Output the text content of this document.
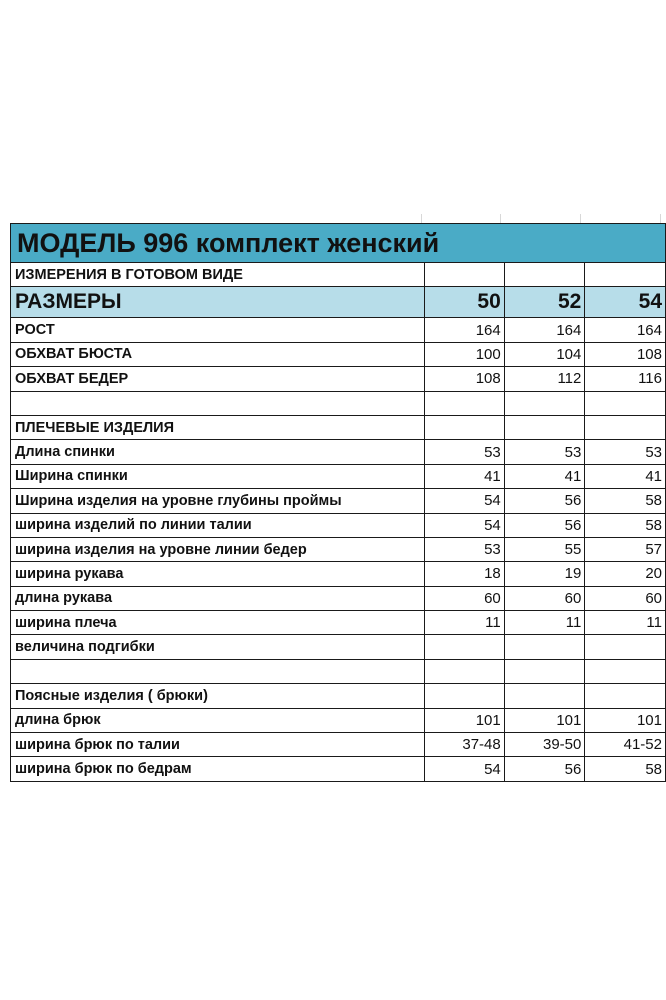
МОДЕЛЬ 996 комплект женский			
ИЗМЕРЕНИЯ В ГОТОВОМ ВИДЕ			
РАЗМЕРЫ	50	52	54
РОСТ	164	164	164
ОБХВАТ БЮСТА	100	104	108
ОБХВАТ БЕДЕР	108	112	116

ПЛЕЧЕВЫЕ ИЗДЕЛИЯ			
Длина спинки	53	53	53
Ширина спинки	41	41	41
Ширина изделия на уровне глубины проймы	54	56	58
ширина изделий по линии талии	54	56	58
ширина изделия на уровне линии бедер	53	55	57
ширина рукава	18	19	20
длина рукава	60	60	60
ширина плеча	11	11	11
величина подгибки			

Поясные изделия ( брюки)			
длина брюк	101	101	101
ширина брюк по талии	37-48	39-50	41-52
ширина брюк по бедрам	54	56	58
